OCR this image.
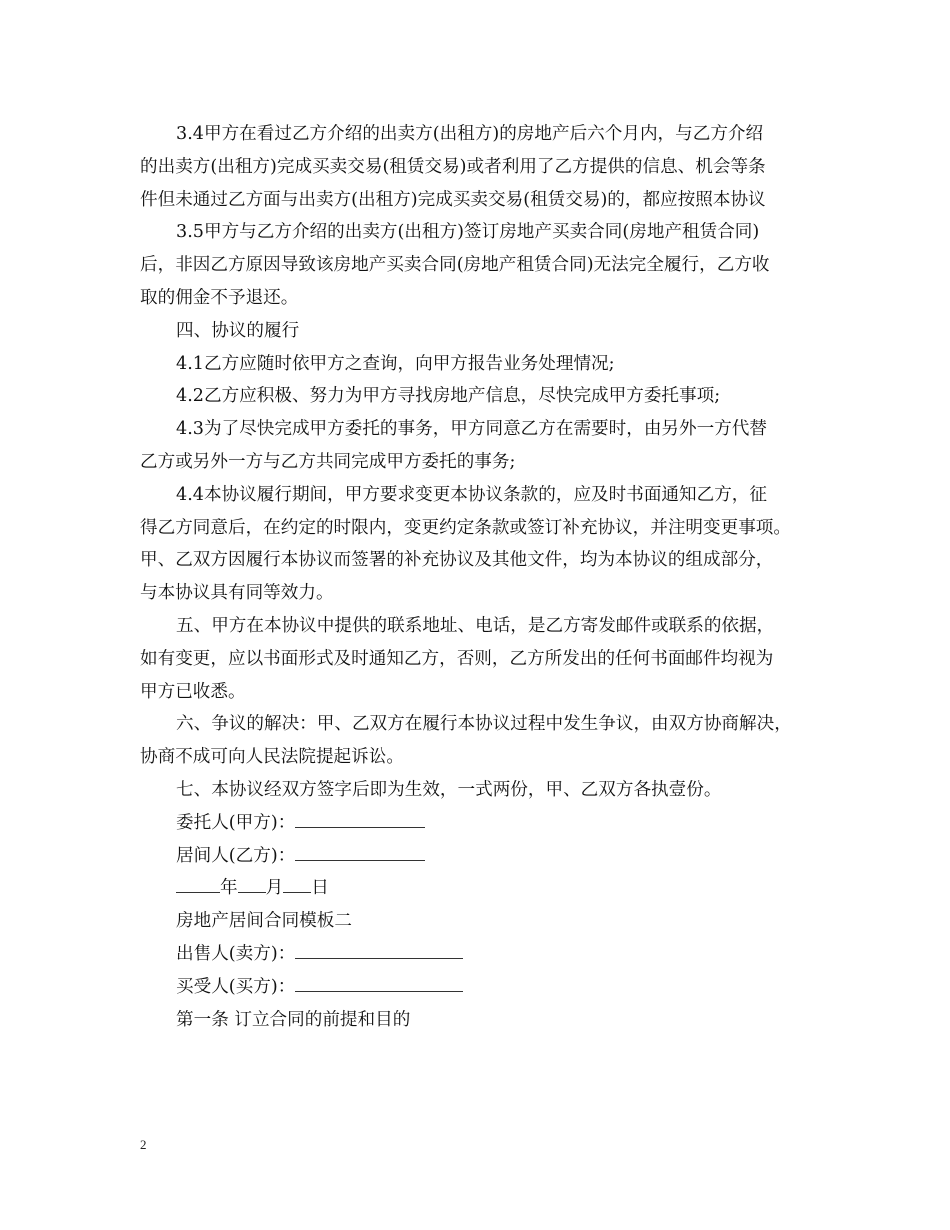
3.4甲方在看过乙方介绍的出卖方(出租方)的房地产后六个月内，与乙方介绍
的出卖方(出租方)完成买卖交易(租赁交易)或者利用了乙方提供的信息、机会等条
件但未通过乙方面与出卖方(出租方)完成买卖交易(租赁交易)的，都应按照本协议

3.5甲方与乙方介绍的出卖方(出租方)签订房地产买卖合同(房地产租赁合同)
后，非因乙方原因导致该房地产买卖合同(房地产租赁合同)无法完全履行，乙方收
取的佣金不予退还。

四、协议的履行

4.1乙方应随时依甲方之查询，向甲方报告业务处理情况;

4.2乙方应积极、努力为甲方寻找房地产信息，尽快完成甲方委托事项;

4.3为了尽快完成甲方委托的事务，甲方同意乙方在需要时，由另外一方代替
乙方或另外一方与乙方共同完成甲方委托的事务;

4.4本协议履行期间，甲方要求变更本协议条款的，应及时书面通知乙方，征
得乙方同意后，在约定的时限内，变更约定条款或签订补充协议，并注明变更事项。
甲、乙双方因履行本协议而签署的补充协议及其他文件，均为本协议的组成部分，
与本协议具有同等效力。

五、甲方在本协议中提供的联系地址、电话，是乙方寄发邮件或联系的依据，
如有变更，应以书面形式及时通知乙方，否则，乙方所发出的任何书面邮件均视为
甲方已收悉。

六、争议的解决：甲、乙双方在履行本协议过程中发生争议，由双方协商解决，
协商不成可向人民法院提起诉讼。

七、本协议经双方签字后即为生效，一式两份，甲、乙双方各执壹份。

委托人(甲方)：

居间人(乙方)：

年 月 日

房地产居间合同模板二

出售人(卖方)：

买受人(买方)：

第一条 订立合同的前提和目的

2
